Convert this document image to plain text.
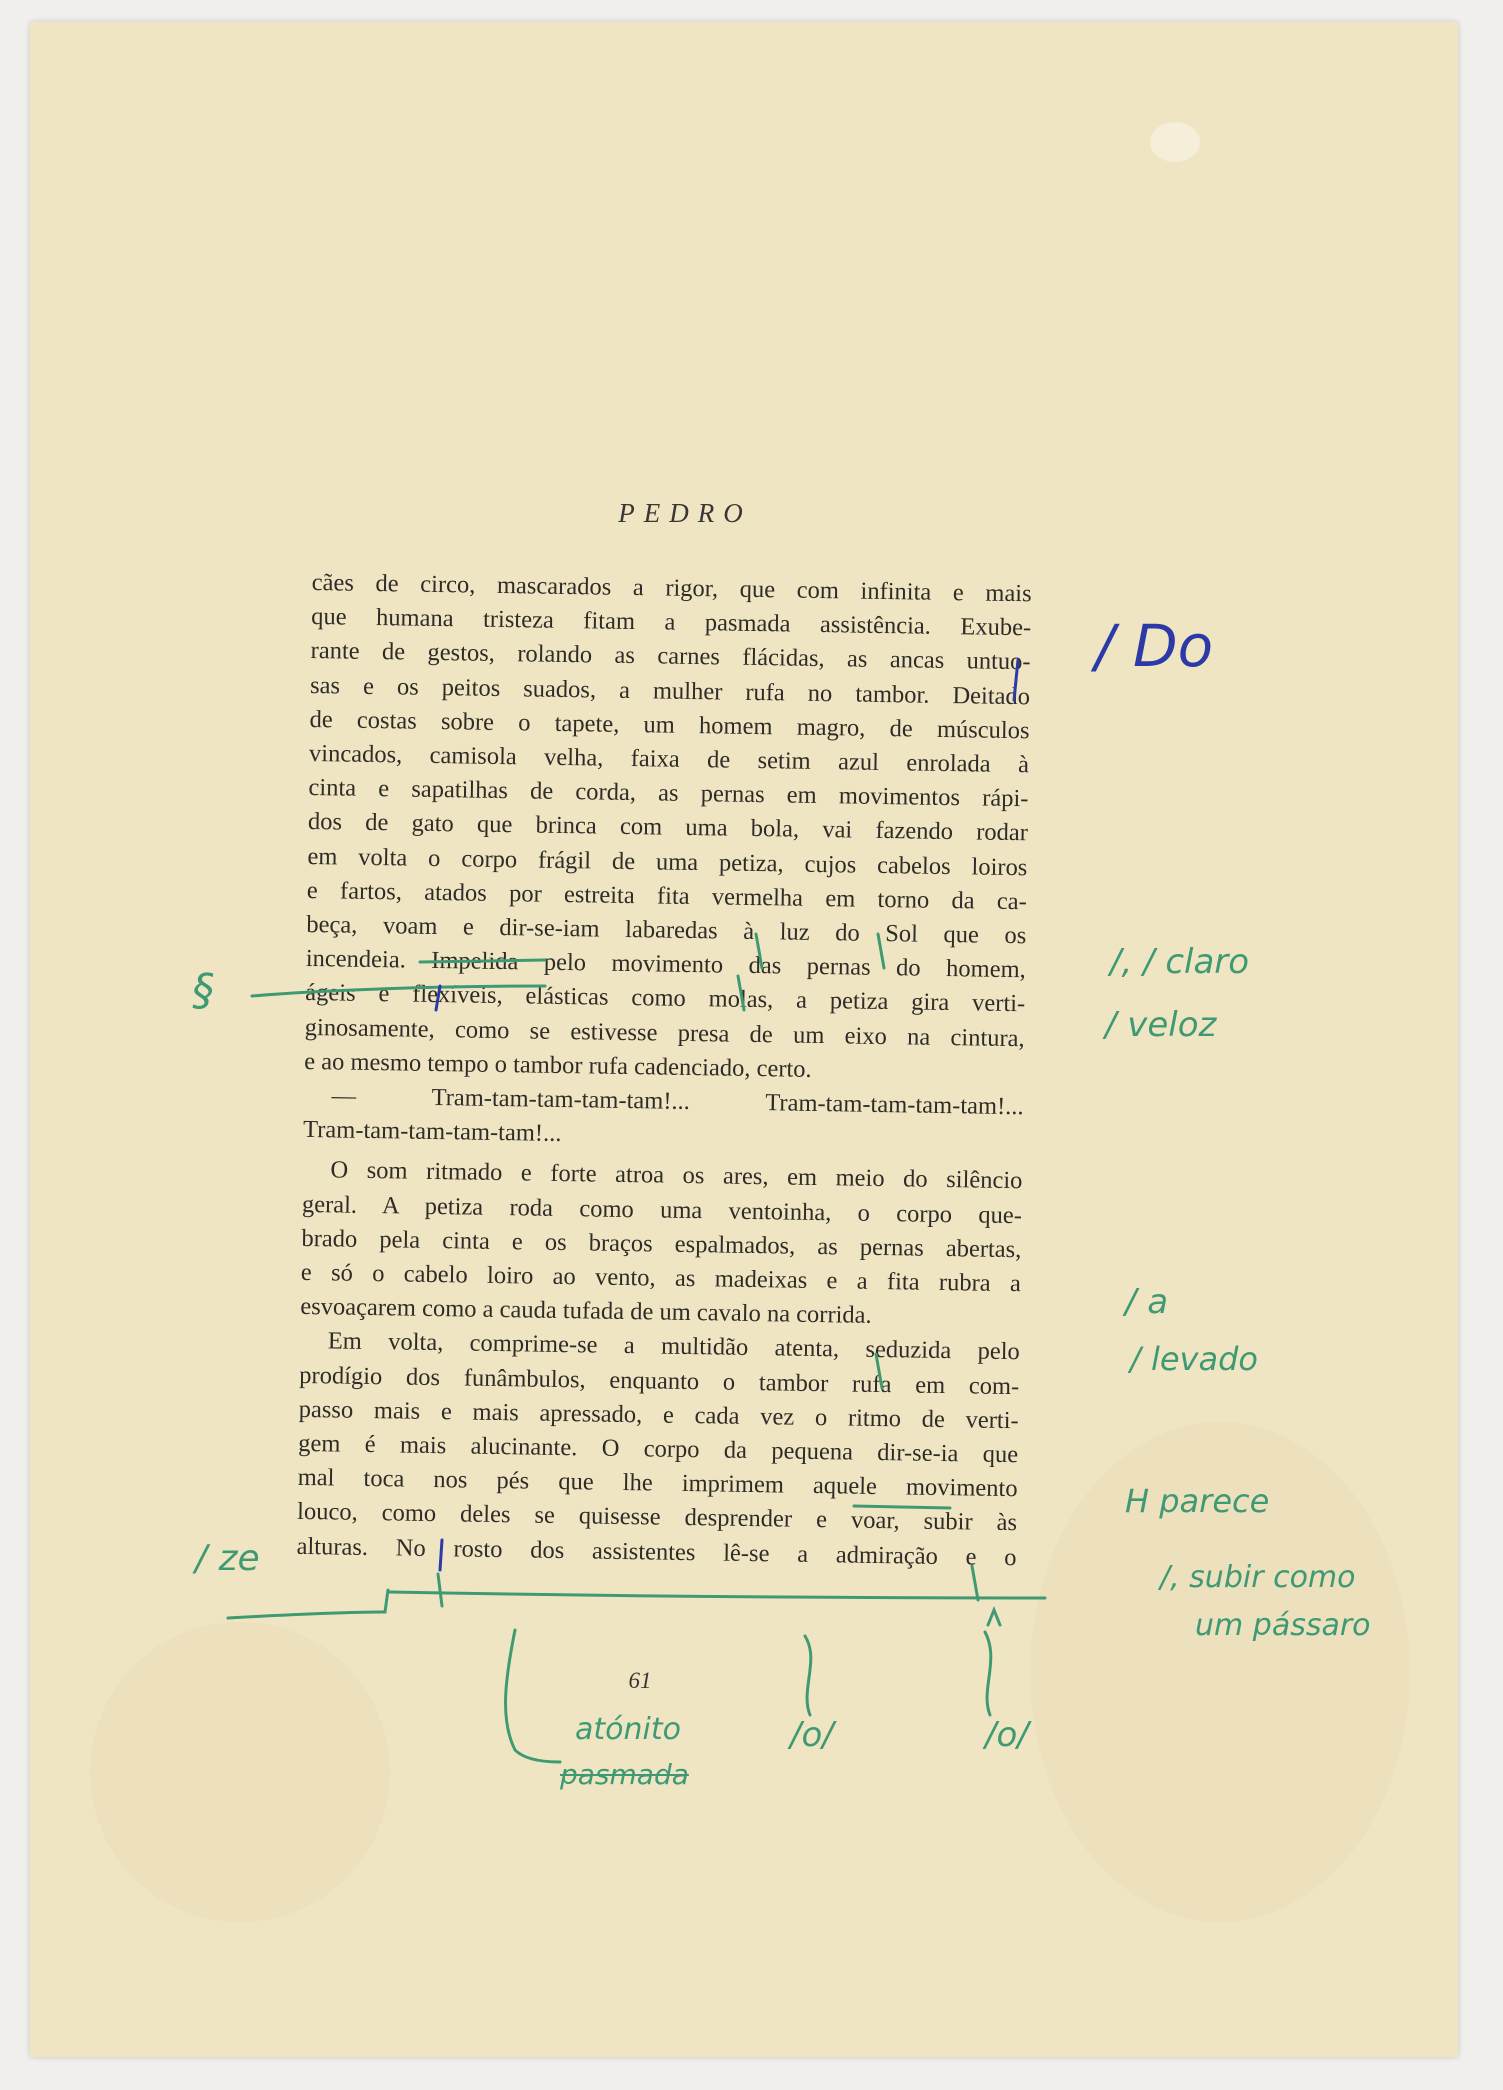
PEDRO
cães de circo, mascarados a rigor, que com infinita e mais
que humana tristeza fitam a pasmada assistência. Exube-
rante de gestos, rolando as carnes flácidas, as ancas untuo-
sas e os peitos suados, a mulher rufa no tambor. Deitado
de costas sobre o tapete, um homem magro, de músculos
vincados, camisola velha, faixa de setim azul enrolada à
cinta e sapatilhas de corda, as pernas em movimentos rápi-
dos de gato que brinca com uma bola, vai fazendo rodar
em volta o corpo frágil de uma petiza, cujos cabelos loiros
e fartos, atados por estreita fita vermelha em torno da ca-
beça, voam e dir-se-iam labaredas à luz do Sol que os
incendeia. Impelida pelo movimento das pernas do homem,
ágeis e flexíveis, elásticas como molas, a petiza gira verti-
ginosamente, como se estivesse presa de um eixo na cintura,
e ao mesmo tempo o tambor rufa cadenciado, certo.
— Tram-tam-tam-tam-tam!... Tram-tam-tam-tam-tam!...
Tram-tam-tam-tam-tam!...
O som ritmado e forte atroa os ares, em meio do silêncio
geral. A petiza roda como uma ventoinha, o corpo que-
brado pela cinta e os braços espalmados, as pernas abertas,
e só o cabelo loiro ao vento, as madeixas e a fita rubra a
esvoaçarem como a cauda tufada de um cavalo na corrida.
Em volta, comprime-se a multidão atenta, seduzida pelo
prodígio dos funâmbulos, enquanto o tambor rufa em com-
passo mais e mais apressado, e cada vez o ritmo de verti-
gem é mais alucinante. O corpo da pequena dir-se-ia que
mal toca nos pés que lhe imprimem aquele movimento
louco, como deles se quisesse desprender e voar, subir às
alturas. No rosto dos assistentes lê-se a admiração e o
61
/ Do
/, / claro
/ veloz
/ a
/ levado
H parece
/, subir como
um pássaro
§
/ ze
atónito
pasmada
/o/	/o/
